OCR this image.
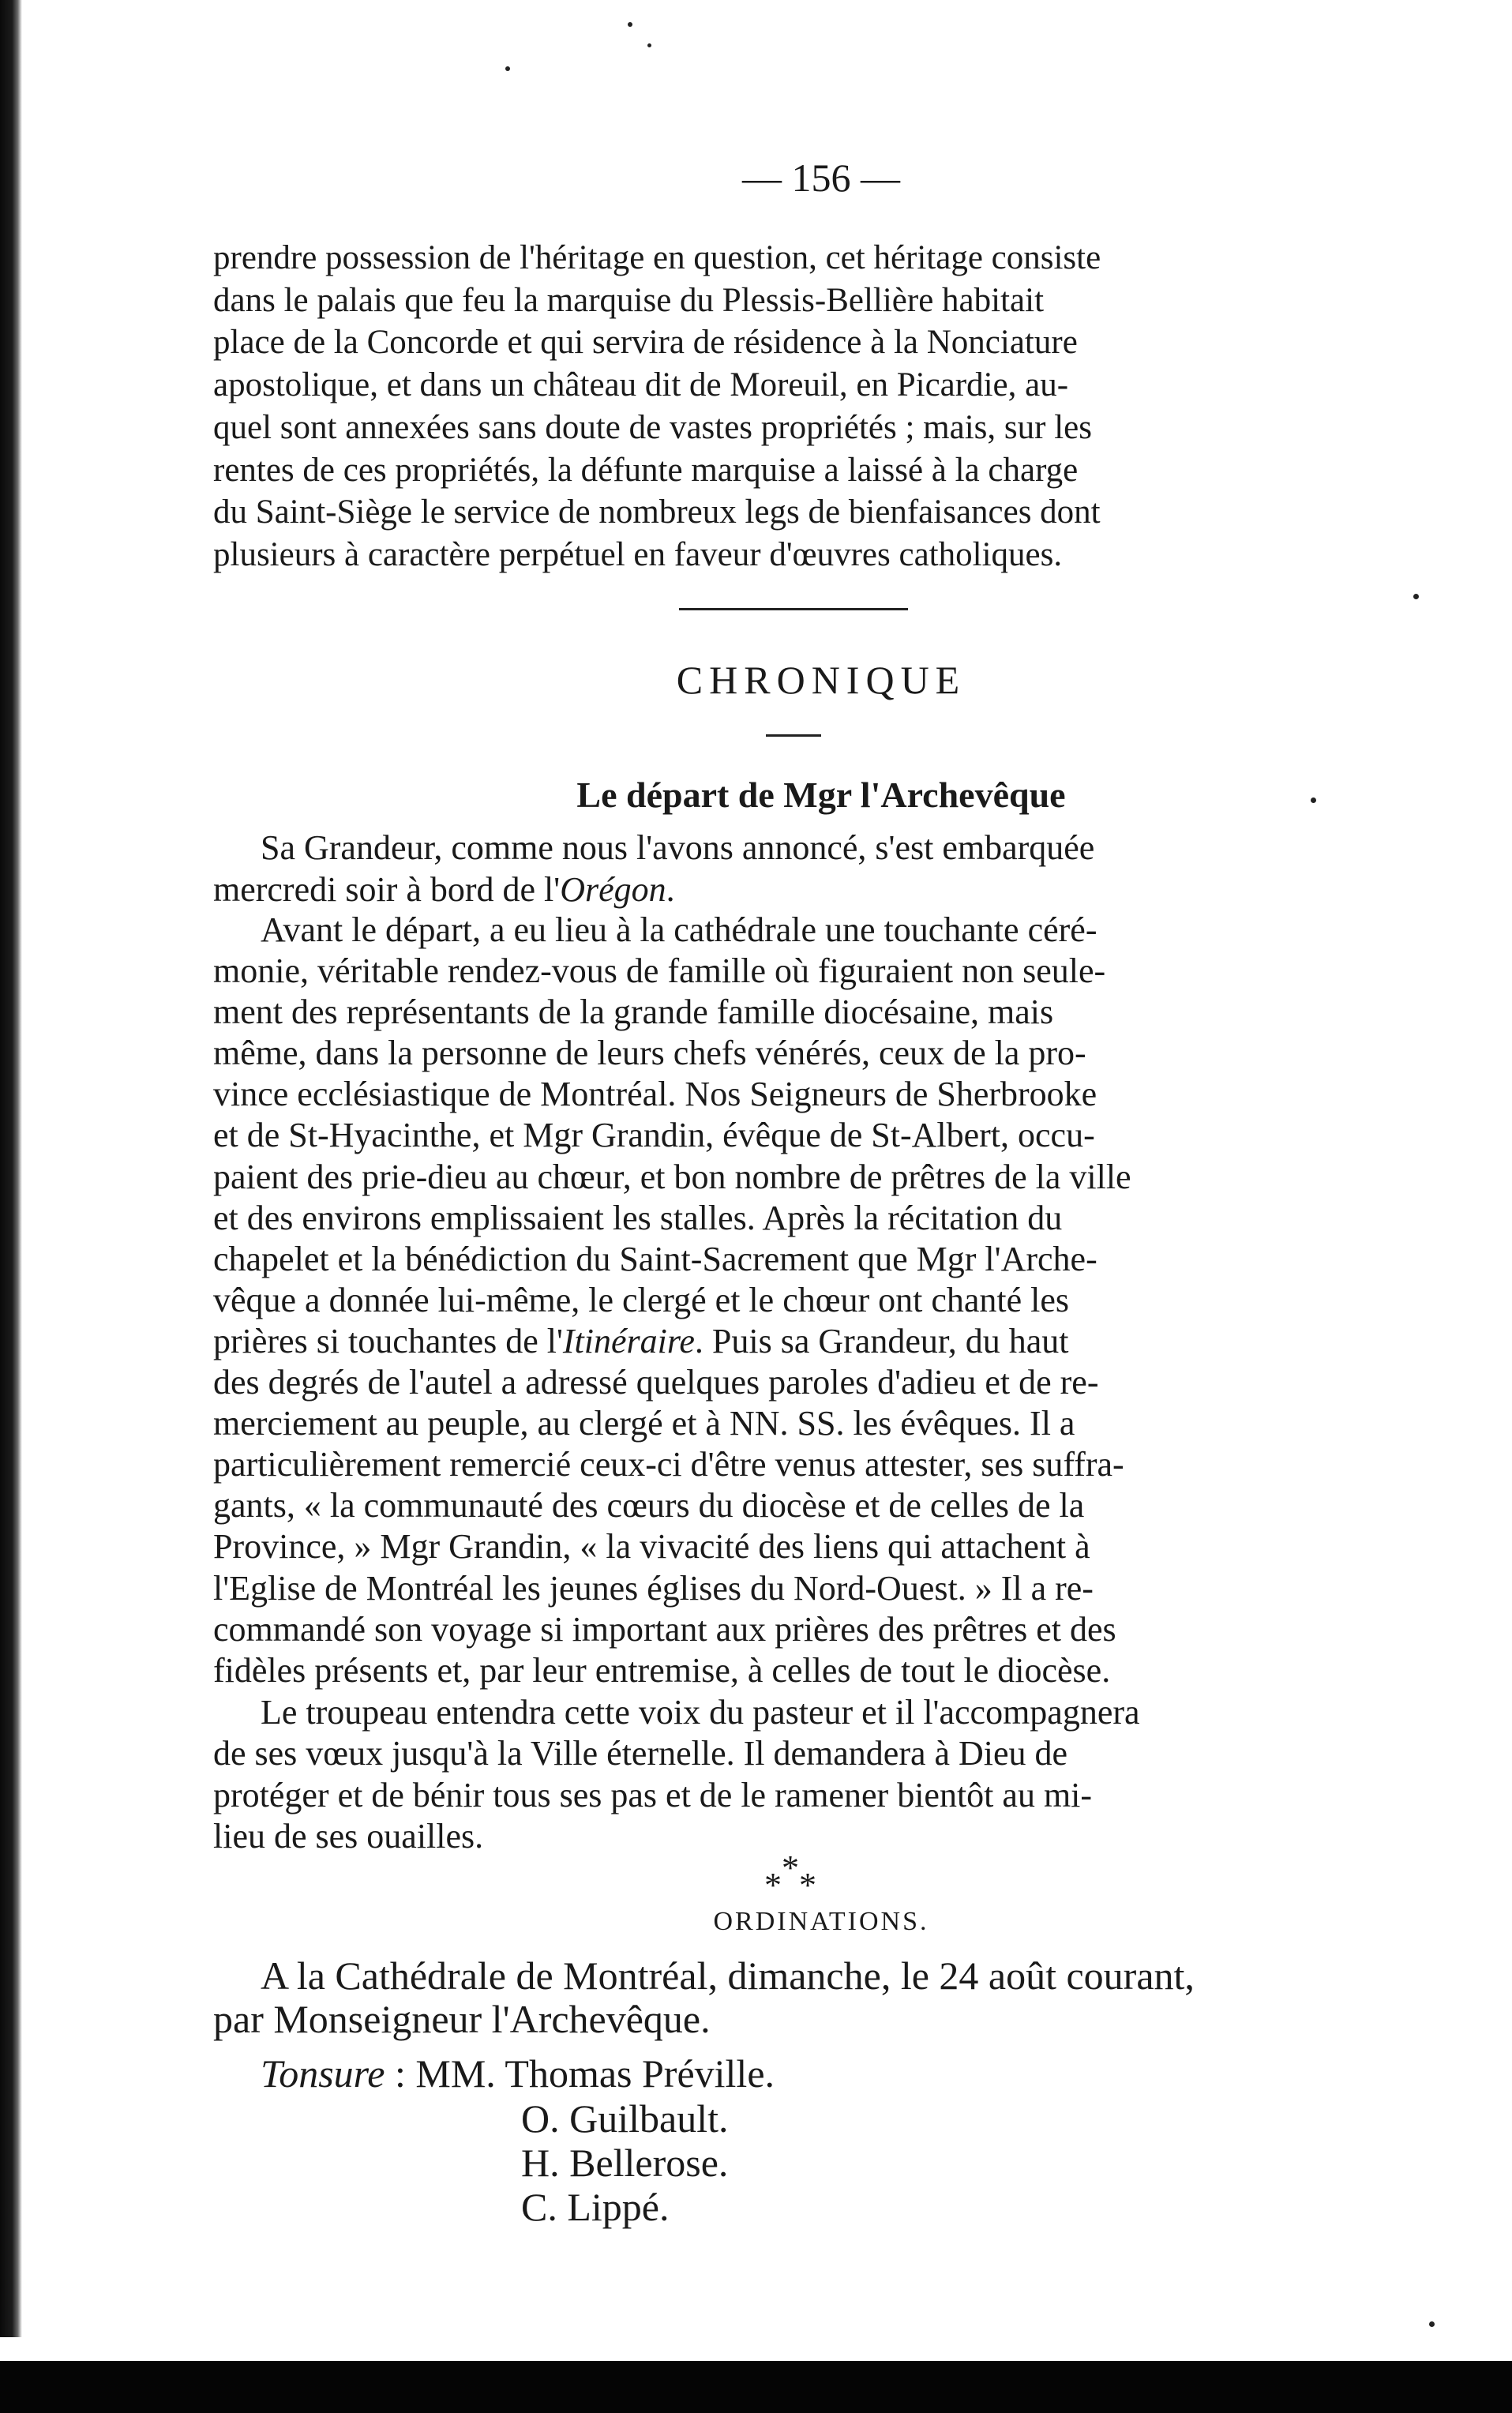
— 156 —
prendre possession de l'héritage en question, cet héritage consiste
dans le palais que feu la marquise du Plessis-Bellière habitait
place de la Concorde et qui servira de résidence à la Nonciature
apostolique, et dans un château dit de Moreuil, en Picardie, au-
quel sont annexées sans doute de vastes propriétés ; mais, sur les
rentes de ces propriétés, la défunte marquise a laissé à la charge
du Saint-Siège le service de nombreux legs de bienfaisances dont
plusieurs à caractère perpétuel en faveur d'œuvres catholiques.
CHRONIQUE
Le départ de Mgr l'Archevêque
Sa Grandeur, comme nous l'avons annoncé, s'est embarquée
mercredi soir à bord de l'Orégon.
Avant le départ, a eu lieu à la cathédrale une touchante céré-
monie, véritable rendez-vous de famille où figuraient non seule-
ment des représentants de la grande famille diocésaine, mais
même, dans la personne de leurs chefs vénérés, ceux de la pro-
vince ecclésiastique de Montréal. Nos Seigneurs de Sherbrooke
et de St-Hyacinthe, et Mgr Grandin, évêque de St-Albert, occu-
paient des prie-dieu au chœur, et bon nombre de prêtres de la ville
et des environs emplissaient les stalles. Après la récitation du
chapelet et la bénédiction du Saint-Sacrement que Mgr l'Arche-
vêque a donnée lui-même, le clergé et le chœur ont chanté les
prières si touchantes de l'Itinéraire. Puis sa Grandeur, du haut
des degrés de l'autel a adressé quelques paroles d'adieu et de re-
merciement au peuple, au clergé et à NN. SS. les évêques. Il a
particulièrement remercié ceux-ci d'être venus attester, ses suffra-
gants, « la communauté des cœurs du diocèse et de celles de la
Province, » Mgr Grandin, « la vivacité des liens qui attachent à
l'Eglise de Montréal les jeunes églises du Nord-Ouest. » Il a re-
commandé son voyage si important aux prières des prêtres et des
fidèles présents et, par leur entremise, à celles de tout le diocèse.
Le troupeau entendra cette voix du pasteur et il l'accompagnera
de ses vœux jusqu'à la Ville éternelle. Il demandera à Dieu de
protéger et de bénir tous ses pas et de le ramener bientôt au mi-
lieu de ses ouailles.
*
* *
ORDINATIONS.
A la Cathédrale de Montréal, dimanche, le 24 août courant,
par Monseigneur l'Archevêque.
Tonsure : MM. Thomas Préville.
O. Guilbault.
H. Bellerose.
C. Lippé.
